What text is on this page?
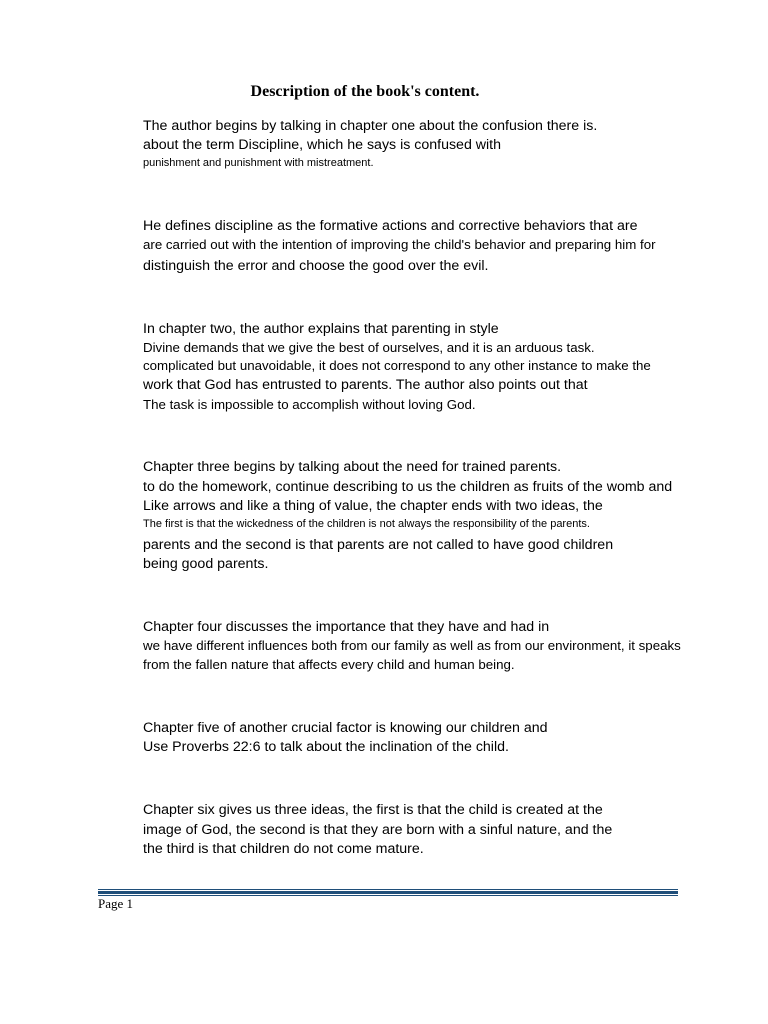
Description of the book's content.
The author begins by talking in chapter one about the confusion there is.
about the term Discipline, which he says is confused with
punishment and punishment with mistreatment.
He defines discipline as the formative actions and corrective behaviors that are
are carried out with the intention of improving the child's behavior and preparing him for
distinguish the error and choose the good over the evil.
In chapter two, the author explains that parenting in style
Divine demands that we give the best of ourselves, and it is an arduous task.
complicated but unavoidable, it does not correspond to any other instance to make the
work that God has entrusted to parents. The author also points out that
The task is impossible to accomplish without loving God.
Chapter three begins by talking about the need for trained parents.
to do the homework, continue describing to us the children as fruits of the womb and
Like arrows and like a thing of value, the chapter ends with two ideas, the
The first is that the wickedness of the children is not always the responsibility of the parents.
parents and the second is that parents are not called to have good children
being good parents.
Chapter four discusses the importance that they have and had in
we have different influences both from our family as well as from our environment, it speaks
from the fallen nature that affects every child and human being.
Chapter five of another crucial factor is knowing our children and
Use Proverbs 22:6 to talk about the inclination of the child.
Chapter six gives us three ideas, the first is that the child is created at the
image of God, the second is that they are born with a sinful nature, and the
the third is that children do not come mature.
Page 1
